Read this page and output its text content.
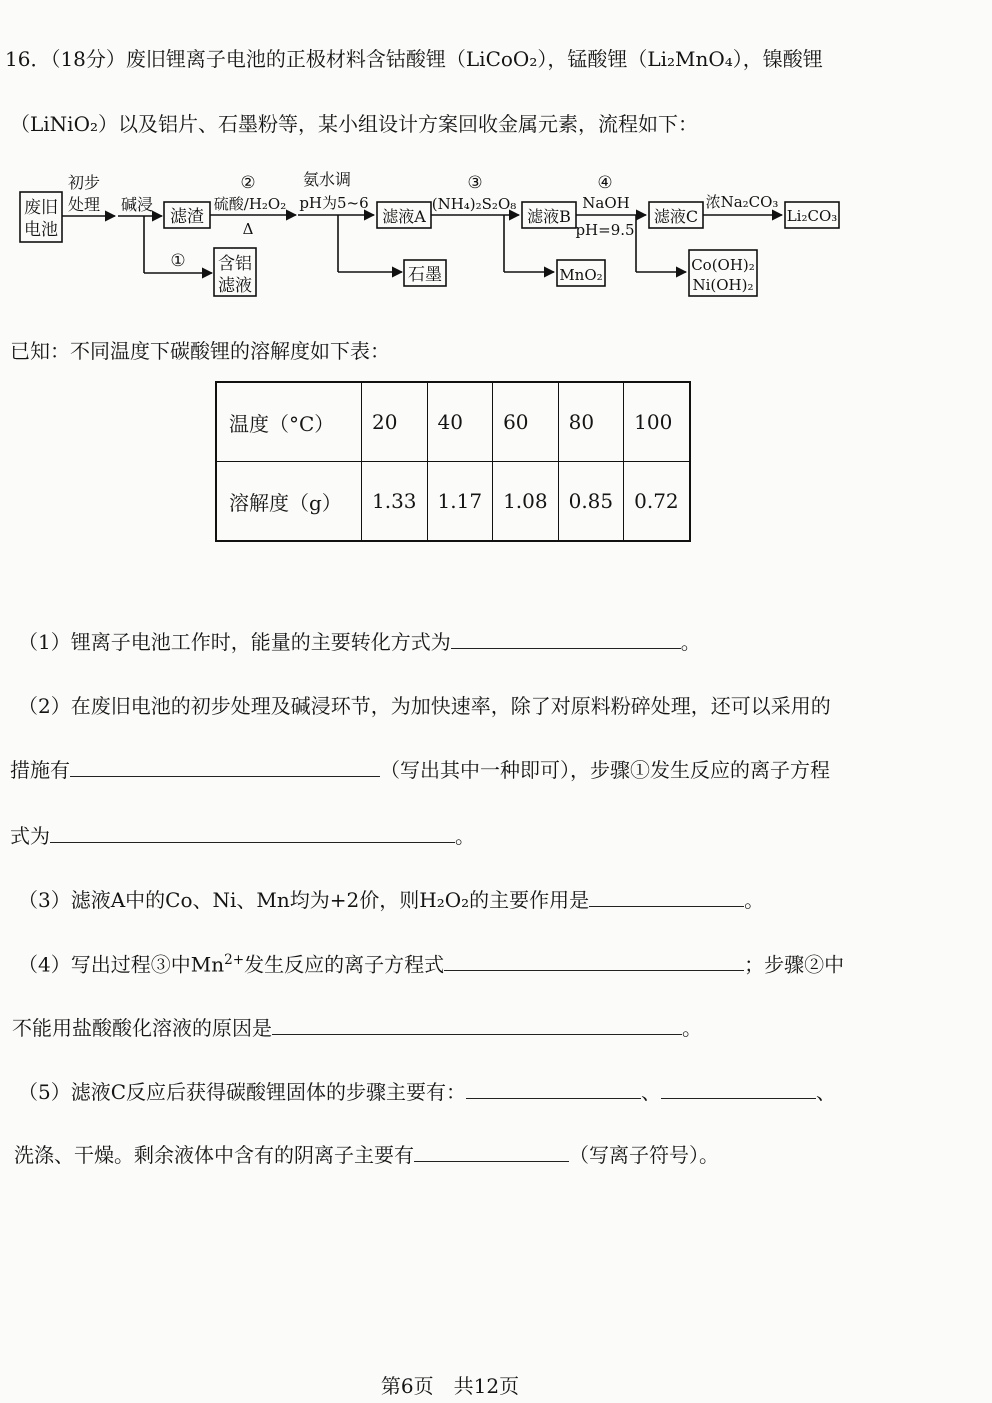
16．（18分）废旧锂离子电池的正极材料含钴酸锂（LiCoO₂），锰酸锂（Li₂MnO₄），镍酸锂
（LiNiO₂）以及铝片、石墨粉等，某小组设计方案回收金属元素，流程如下：
废旧
电池
初步
处理 碱浸
①
滤渣
含铝
滤液
②
硫酸/H₂O₂
Δ
氨水调
pH为5~6
滤液A
石墨
③
(NH₄)₂S₂O₈
滤液B
MnO₂
④
NaOH
pH=9.5
滤液C
Co(OH)₂
Ni(OH)₂
浓Na₂CO₃
Li₂CO₃
已知：不同温度下碳酸锂的溶解度如下表：
温度（°C）	20	40	60	80	100
溶解度（g）	1.33	1.17	1.08	0.85	0.72
（1）锂离子电池工作时，能量的主要转化方式为	。
（2）在废旧电池的初步处理及碱浸环节，为加快速率，除了对原料粉碎处理，还可以采用的
措施有	（写出其中一种即可），步骤①发生反应的离子方程
式为	。
（3）滤液A中的Co、Ni、Mn均为+2价，则H₂O₂的主要作用是	。
（4）写出过程③中$Mn^{2+}$发生反应的离子方程式	；步骤②中
不能用盐酸酸化溶液的原因是	。
（5）滤液C反应后获得碳酸锂固体的步骤主要有：	、	、
洗涤、干燥。剩余液体中含有的阴离子主要有	（写离子符号）。
第6页　共12页
